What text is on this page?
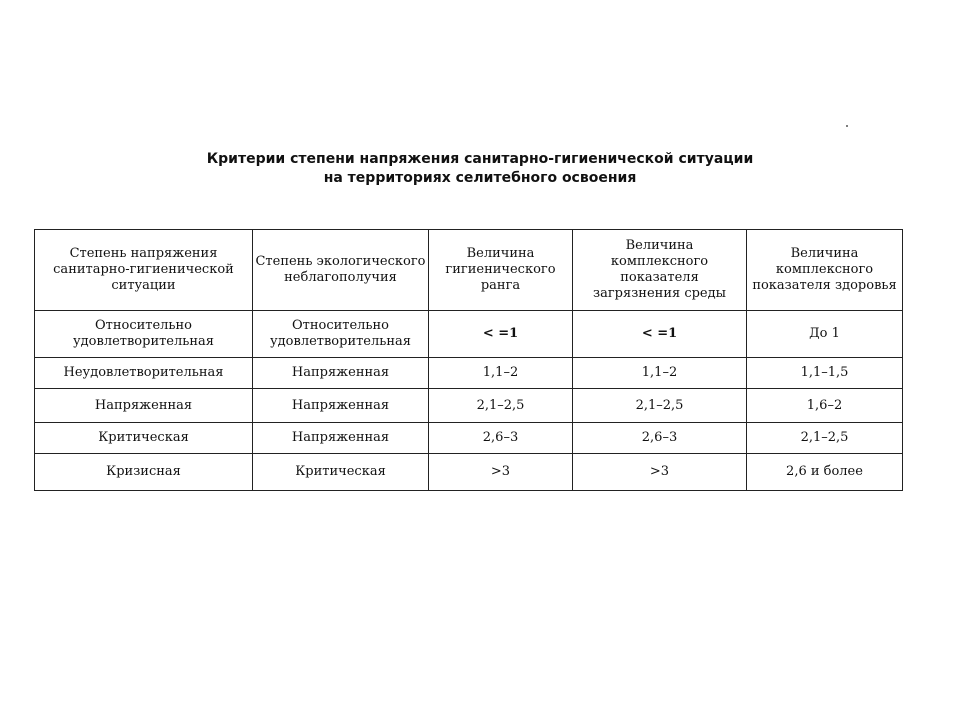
Критерии степени напряжения санитарно-гигиенической ситуации
на территориях селитебного освоения
Степень напряжения санитарно-гигиенической ситуации	Степень экологического неблагополучия	Величина гигиенического ранга	Величина комплексного показателя загрязнения среды	Величина комплексного показателя здоровья
Относительно удовлетворительная	Относительно удовлетворительная	< =1	< =1	До 1
Неудовлетворительная	Напряженная	1,1–2	1,1–2	1,1–1,5
Напряженная	Напряженная	2,1–2,5	2,1–2,5	1,6–2
Критическая	Напряженная	2,6–3	2,6–3	2,1–2,5
Кризисная	Критическая	>3	>3	2,6 и более
